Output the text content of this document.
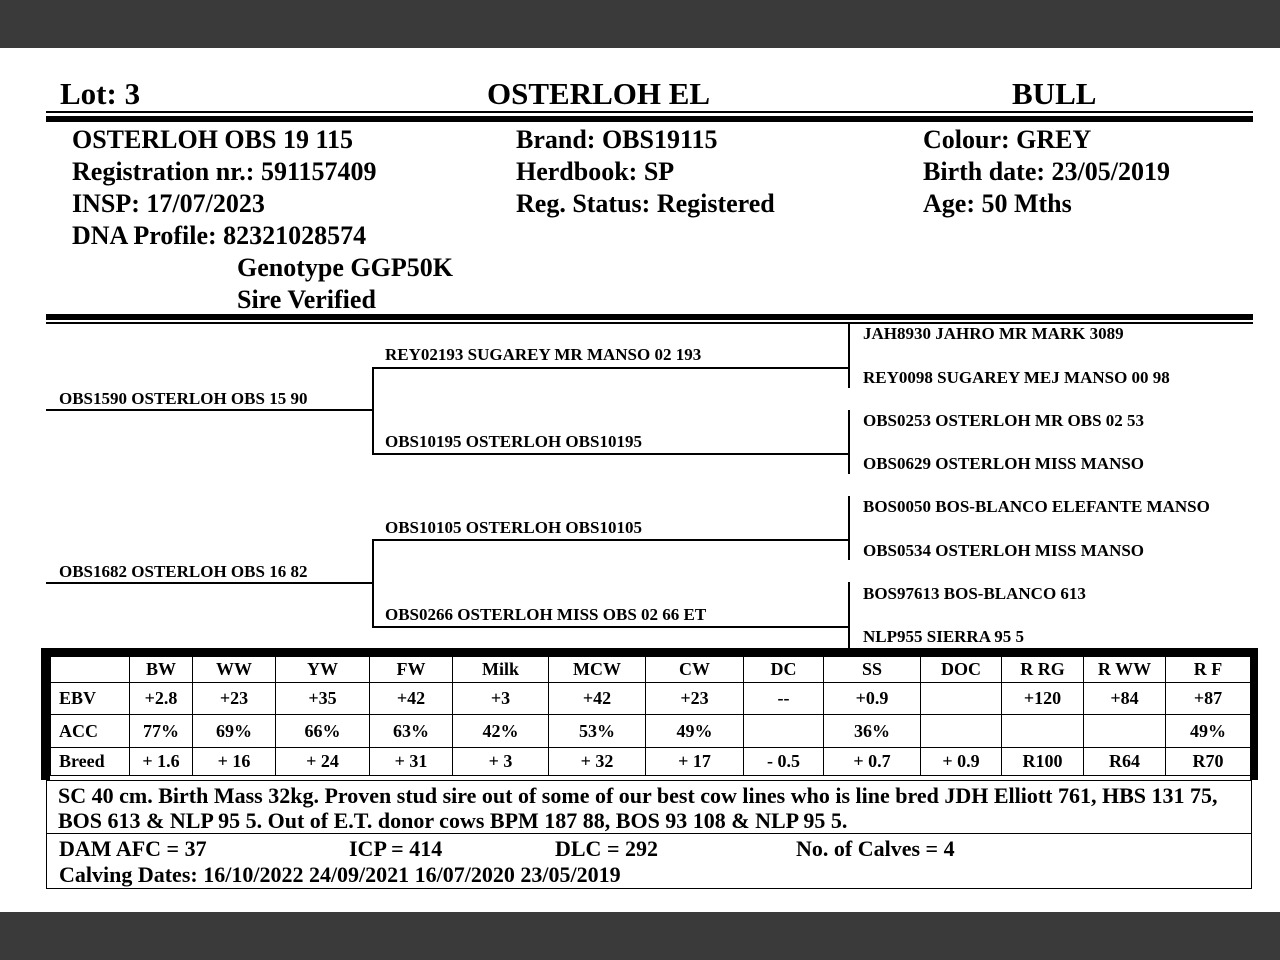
Lot: 3	OSTERLOH EL	BULL
OSTERLOH OBS 19 115
Registration nr.: 591157409
INSP: 17/07/2023
DNA Profile: 82321028574
Genotype GGP50K
Sire Verified
Brand: OBS19115
Herdbook: SP
Reg. Status: Registered
Colour: GREY
Birth date: 23/05/2019
Age: 50 Mths
OBS1590 OSTERLOH OBS 15 90
OBS1682 OSTERLOH OBS 16 82
REY02193 SUGAREY MR MANSO 02 193
OBS10195 OSTERLOH OBS10195
OBS10105 OSTERLOH OBS10105
OBS0266 OSTERLOH MISS OBS 02 66 ET
JAH8930 JAHRO MR MARK 3089
REY0098 SUGAREY MEJ MANSO 00 98
OBS0253 OSTERLOH MR OBS 02 53
OBS0629 OSTERLOH MISS MANSO
BOS0050 BOS-BLANCO ELEFANTE MANSO
OBS0534 OSTERLOH MISS MANSO
BOS97613 BOS-BLANCO 613
NLP955 SIERRA 95 5
	BW	WW	YW	FW	Milk	MCW	CW	DC	SS	DOC	R RG	R WW	R F
EBV	+2.8	+23	+35	+42	+3	+42	+23	--	+0.9		+120	+84	+87
ACC	77%	69%	66%	63%	42%	53%	49%		36%				49%
Breed	+ 1.6	+ 16	+ 24	+ 31	+ 3	+ 32	+ 17	- 0.5	+ 0.7	+ 0.9	R100	R64	R70
SC 40 cm. Birth Mass 32kg. Proven stud sire out of some of our best cow lines who is line bred JDH Elliott 761, HBS 131 75, BOS 613 & NLP 95 5. Out of E.T. donor cows BPM 187 88, BOS 93 108 & NLP 95 5.
DAM AFC = 37	ICP = 414	DLC = 292	No. of Calves = 4
Calving Dates: 16/10/2022 24/09/2021 16/07/2020 23/05/2019
